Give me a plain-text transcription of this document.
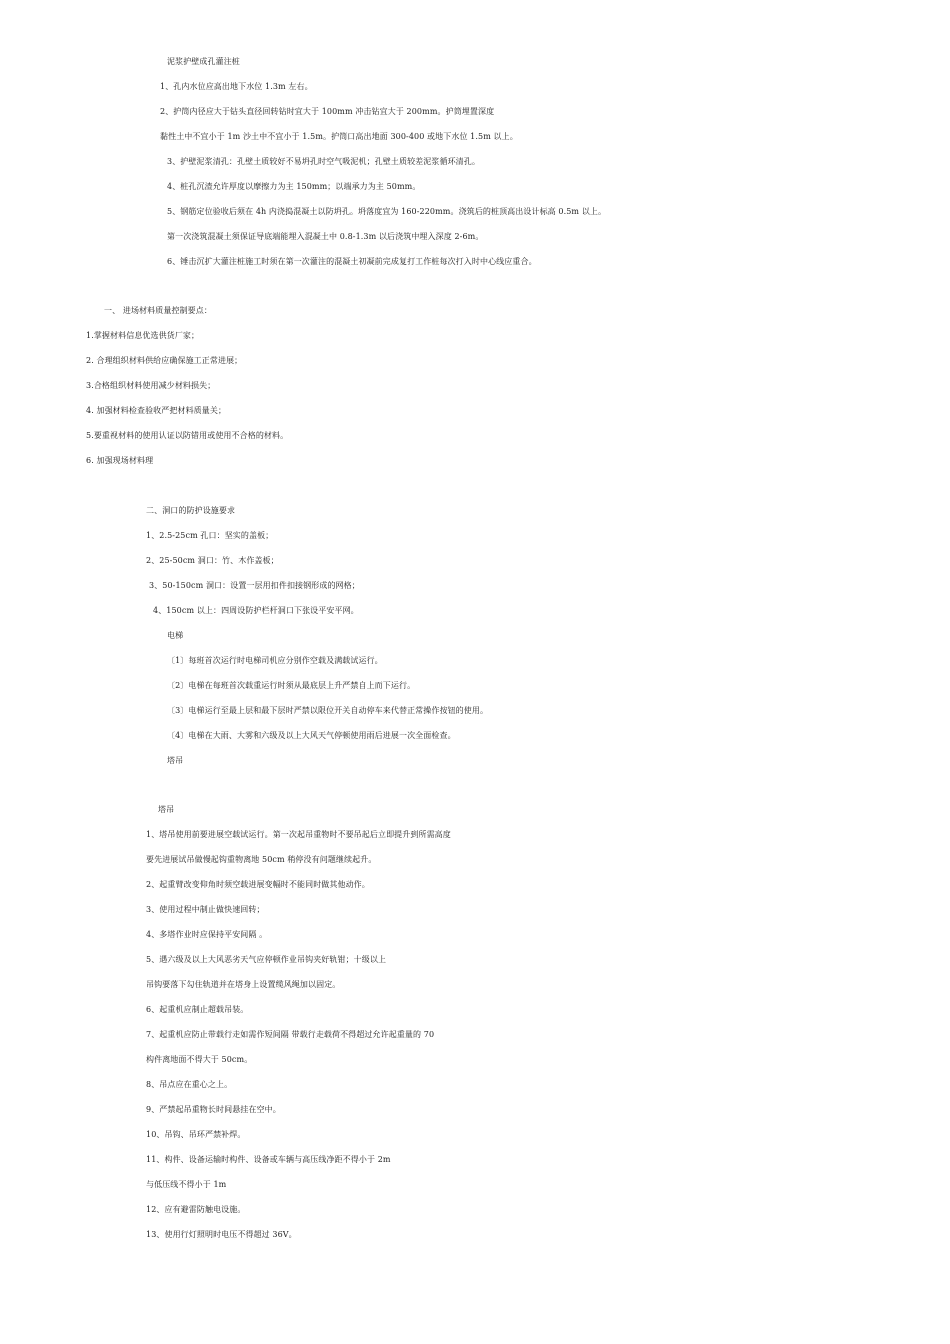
泥浆护壁成孔灌注桩
1、孔内水位应高出地下水位 1.3m 左右。
2、护筒内径应大于钻头直径回转钻时宜大于 100mm 冲击钻宜大于 200mm。护筒埋置深度
黏性土中不宜小于 1m 沙土中不宜小于 1.5m。护筒口高出地面 300-400 或地下水位 1.5m 以上。
3、护壁泥浆清孔：孔壁土质较好不易坍孔时空气吸泥机；孔壁土质较差泥浆循环清孔。
4、桩孔沉渣允许厚度以摩擦力为主 150mm；以端承力为主 50mm。
5、钢筋定位验收后须在 4h 内浇捣混凝土以防坍孔。坍落度宜为 160-220mm。浇筑后的桩顶高出设计标高 0.5m 以上。
第一次浇筑混凝土须保证导底端能埋入混凝土中 0.8-1.3m 以后浇筑中埋入深度 2-6m。
6、锤击沉扩大灌注桩施工时须在第一次灌注的混凝土初凝前完成复打工作桩每次打入时中心线应重合。
一、 进场材料质量控制要点：
1.掌握材料信息优选供货厂家；
2. 合理组织材料供给应确保施工正常进展；
3.合格组织材料使用减少材料损失；
4. 加强材料检查验收严把材料质量关；
5.要重视材料的使用认证以防错用或使用不合格的材料。
6. 加强现场材料理
二、洞口的防护设施要求
1、2.5-25cm 孔口：坚实的盖板；
2、25-50cm 洞口：竹、木作盖板；
3、50-150cm 洞口：设置一层用扣件扣接钢形成的网格；
4、150cm 以上：四周设防护栏杆洞口下张设平安平网。
电梯
〔1〕每班首次运行时电梯司机应分别作空载及满载试运行。
〔2〕电梯在每班首次载重运行时须从最底层上升严禁自上而下运行。
〔3〕电梯运行至最上层和最下层时严禁以限位开关自动停车来代替正常操作按钮的使用。
〔4〕电梯在大雨、大雾和六级及以上大风天气停顿使用雨后进展一次全面检查。
塔吊
塔吊
1、塔吊使用前要进展空载试运行。第一次起吊重物时不要吊起后立即提升到所需高度
要先进展试吊做慢起钩重物离地 50cm 稍停没有问题继续起升。
2、起重臂改变仰角时须空载进展变幅时不能同时做其他动作。
3、使用过程中制止做快速回转；
4、多塔作业时应保持平安间隔 。
5、遇六级及以上大风恶劣天气应停顿作业吊钩夹好轨钳；十级以上
吊钩要落下勾住轨道并在塔身上设置缆风绳加以固定。
6、起重机应制止超载吊装。
7、起重机应防止带载行走如需作短间隔 带载行走载荷不得超过允许起重量的 70
构件离地面不得大于 50cm。
8、吊点应在重心之上。
9、严禁起吊重物长时间悬挂在空中。
10、吊钩、吊环严禁补焊。
11、构件、设备运输时构件、设备或车辆与高压线净距不得小于 2m
与低压线不得小于 1m
12、应有避雷防触电设施。
13、使用行灯照明时电压不得超过 36V。
